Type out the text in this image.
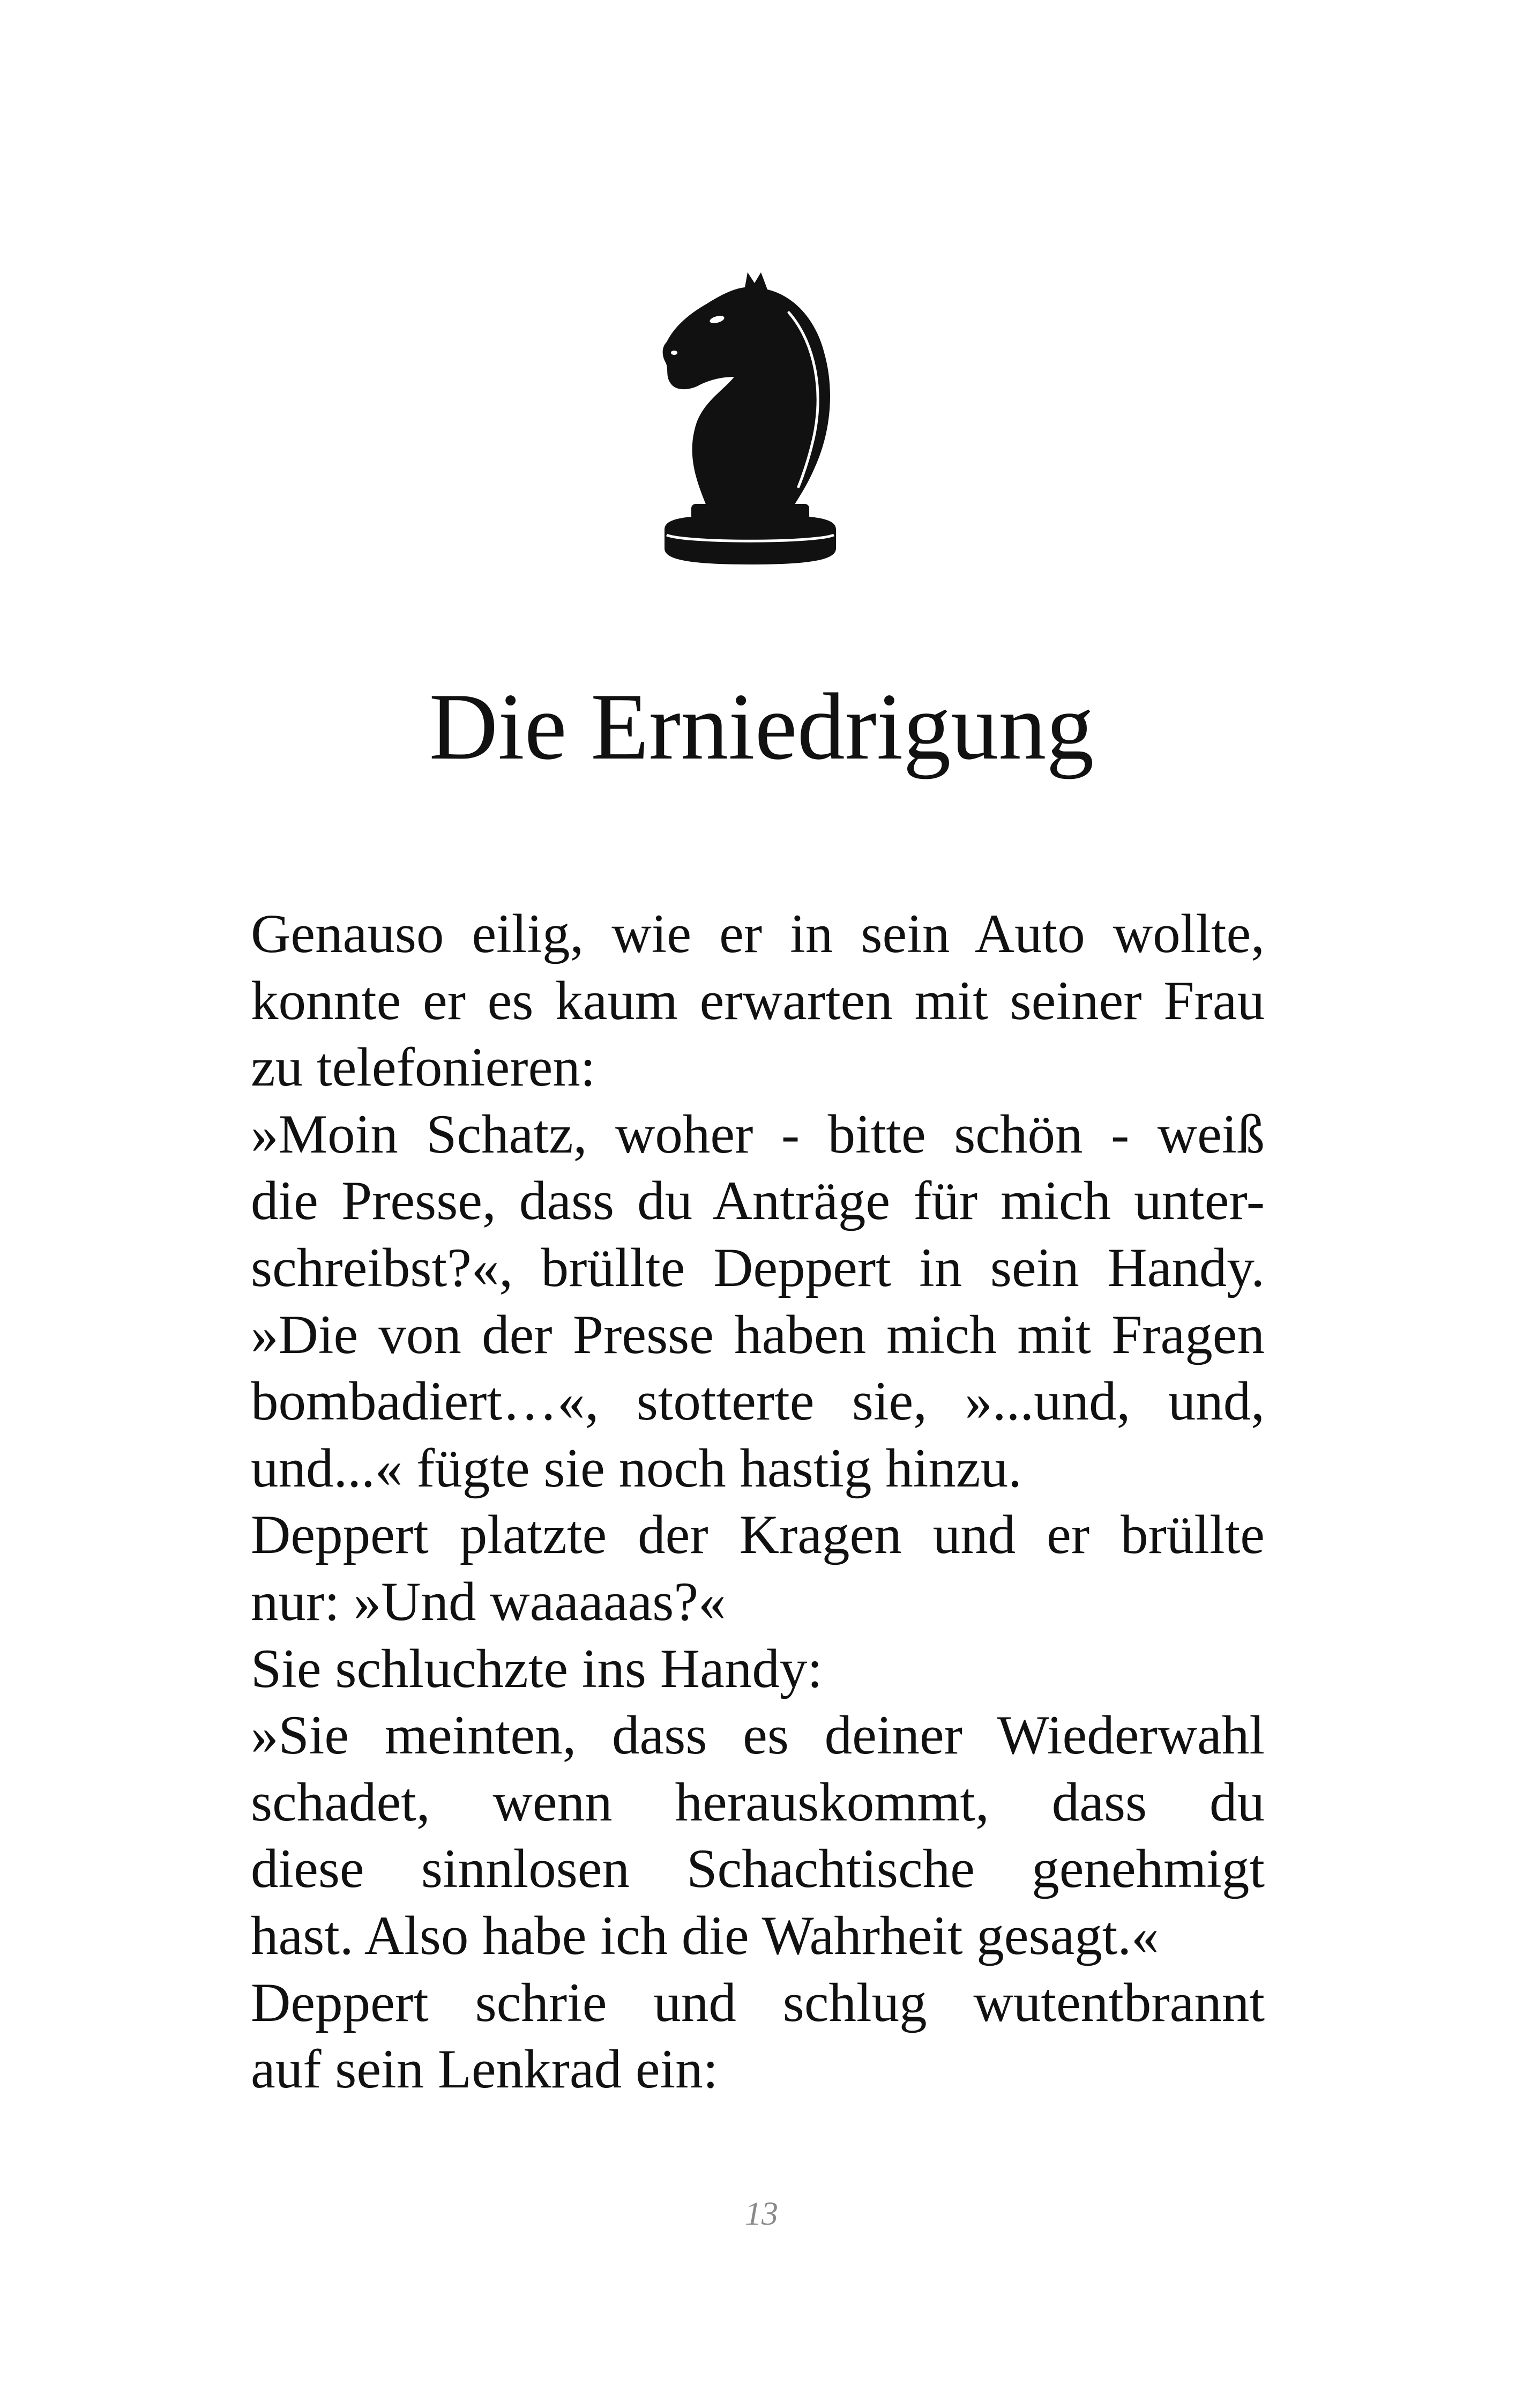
Die Erniedrigung
Genauso eilig, wie er in sein Auto wollte,
konnte er es kaum erwarten mit seiner Frau
zu telefonieren:
»Moin Schatz, woher - bitte schön - weiß
die Presse, dass du Anträge für mich unter-
schreibst?«, brüllte Deppert in sein Handy.
»Die von der Presse haben mich mit Fragen
bombadiert…«, stotterte sie, »...und, und,
und...« fügte sie noch hastig hinzu.
Deppert platzte der Kragen und er brüllte
nur: »Und waaaaas?«
Sie schluchzte ins Handy:
»Sie meinten, dass es deiner Wiederwahl
schadet, wenn herauskommt, dass du
diese sinnlosen Schachtische genehmigt
hast. Also habe ich die Wahrheit gesagt.«
Deppert schrie und schlug wutentbrannt
auf sein Lenkrad ein:
13
